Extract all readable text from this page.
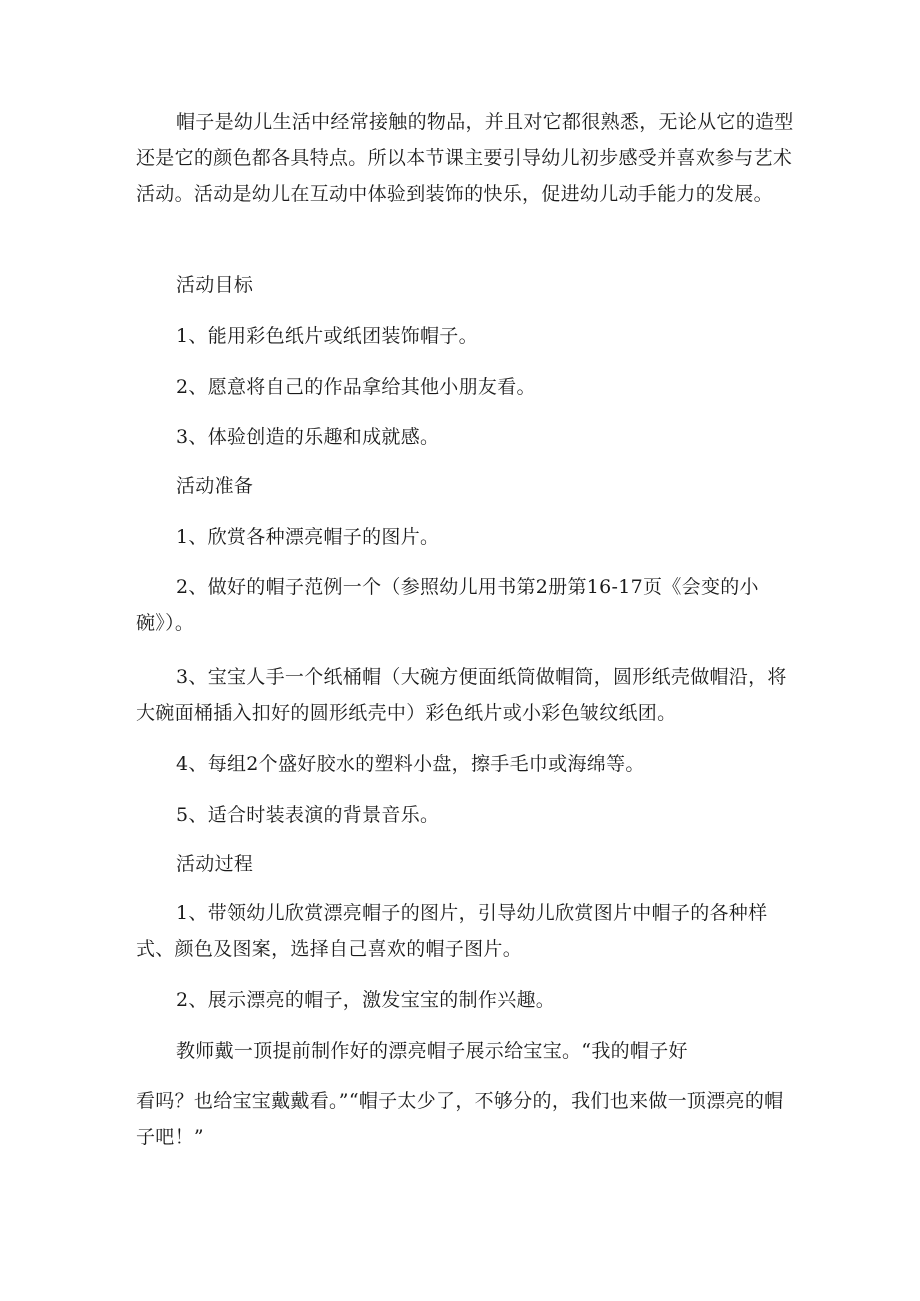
帽子是幼儿生活中经常接触的物品，并且对它都很熟悉，无论从它的造型还是它的颜色都各具特点。所以本节课主要引导幼儿初步感受并喜欢参与艺术活动。活动是幼儿在互动中体验到装饰的快乐，促进幼儿动手能力的发展。
活动目标
1、能用彩色纸片或纸团装饰帽子。
2、愿意将自己的作品拿给其他小朋友看。
3、体验创造的乐趣和成就感。
活动准备
1、欣赏各种漂亮帽子的图片。
2、做好的帽子范例一个（参照幼儿用书第2册第16-17页《会变的小碗》）。
3、宝宝人手一个纸桶帽（大碗方便面纸筒做帽筒，圆形纸壳做帽沿，将大碗面桶插入扣好的圆形纸壳中）彩色纸片或小彩色皱纹纸团。
4、每组2个盛好胶水的塑料小盘，擦手毛巾或海绵等。
5、适合时装表演的背景音乐。
活动过程
1、带领幼儿欣赏漂亮帽子的图片，引导幼儿欣赏图片中帽子的各种样式、颜色及图案，选择自己喜欢的帽子图片。
2、展示漂亮的帽子，激发宝宝的制作兴趣。
教师戴一顶提前制作好的漂亮帽子展示给宝宝。“我的帽子好
看吗？也给宝宝戴戴看。”“帽子太少了，不够分的，我们也来做一顶漂亮的帽子吧！”
